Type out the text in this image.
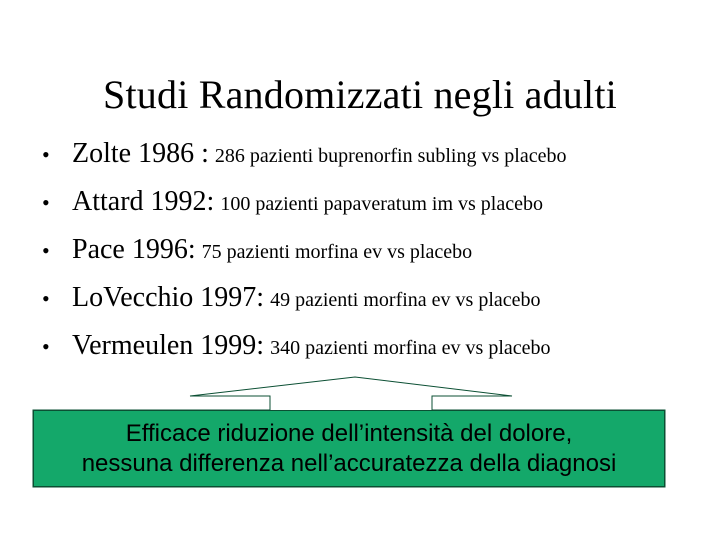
Studi Randomizzati negli adulti
• Zolte 1986 : 286 pazienti buprenorfin subling vs placebo
• Attard 1992: 100 pazienti papaveratum im vs placebo
• Pace 1996: 75 pazienti morfina ev vs placebo
• LoVecchio 1997: 49 pazienti morfina ev vs placebo
• Vermeulen 1999: 340 pazienti morfina ev vs placebo
Efficace riduzione dell’intensità del dolore,
nessuna differenza nell’accuratezza della diagnosi
